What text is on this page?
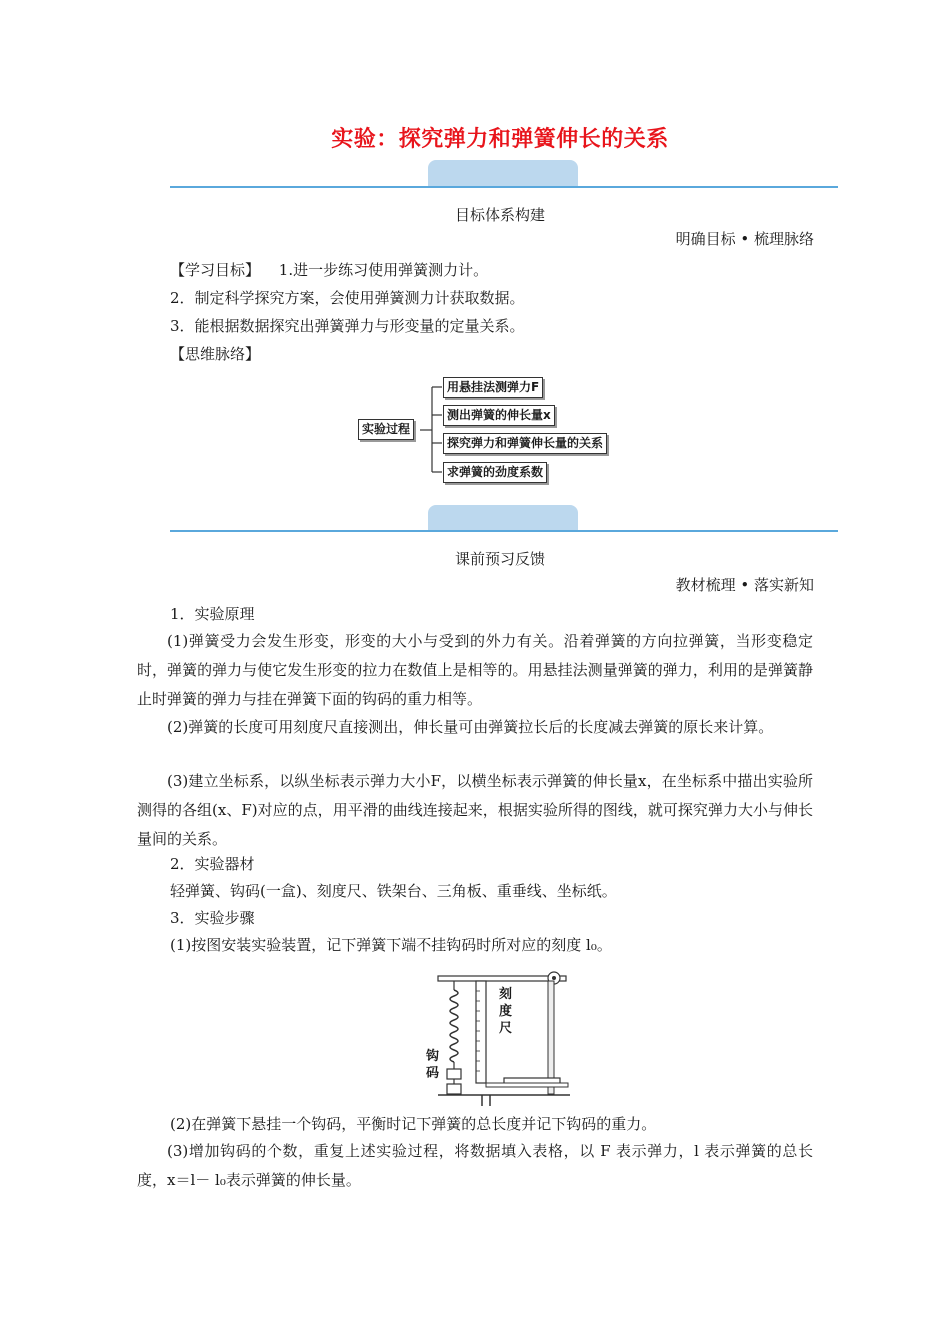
实验：探究弹力和弹簧伸长的关系
目标体系构建
明确目标 • 梳理脉络
【学习目标】 1.进一步练习使用弹簧测力计。
2．制定科学探究方案，会使用弹簧测力计获取数据。
3．能根据数据探究出弹簧弹力与形变量的定量关系。
【思维脉络】
实验过程
用悬挂法测弹力F
测出弹簧的伸长量x
探究弹力和弹簧伸长量的关系
求弹簧的劲度系数
课前预习反馈
教材梳理 • 落实新知
1．实验原理
(1)弹簧受力会发生形变，形变的大小与受到的外力有关。沿着弹簧的方向拉弹簧，当形变稳定时，弹簧的弹力与使它发生形变的拉力在数值上是相等的。用悬挂法测量弹簧的弹力，利用的是弹簧静止时弹簧的弹力与挂在弹簧下面的钩码的重力相等。
(2)弹簧的长度可用刻度尺直接测出，伸长量可由弹簧拉长后的长度减去弹簧的原长来计算。
(3)建立坐标系，以纵坐标表示弹力大小F，以横坐标表示弹簧的伸长量x，在坐标系中描出实验所测得的各组(x、F)对应的点，用平滑的曲线连接起来，根据实验所得的图线，就可探究弹力大小与伸长量间的关系。
2．实验器材
轻弹簧、钩码(一盒)、刻度尺、铁架台、三角板、重垂线、坐标纸。
3．实验步骤
(1)按图安装实验装置，记下弹簧下端不挂钩码时所对应的刻度 l₀。
刻度尺
钩码
(2)在弹簧下悬挂一个钩码，平衡时记下弹簧的总长度并记下钩码的重力。
(3)增加钩码的个数，重复上述实验过程，将数据填入表格，以 F 表示弹力，l 表示弹簧的总长度，x＝l－ l₀表示弹簧的伸长量。
